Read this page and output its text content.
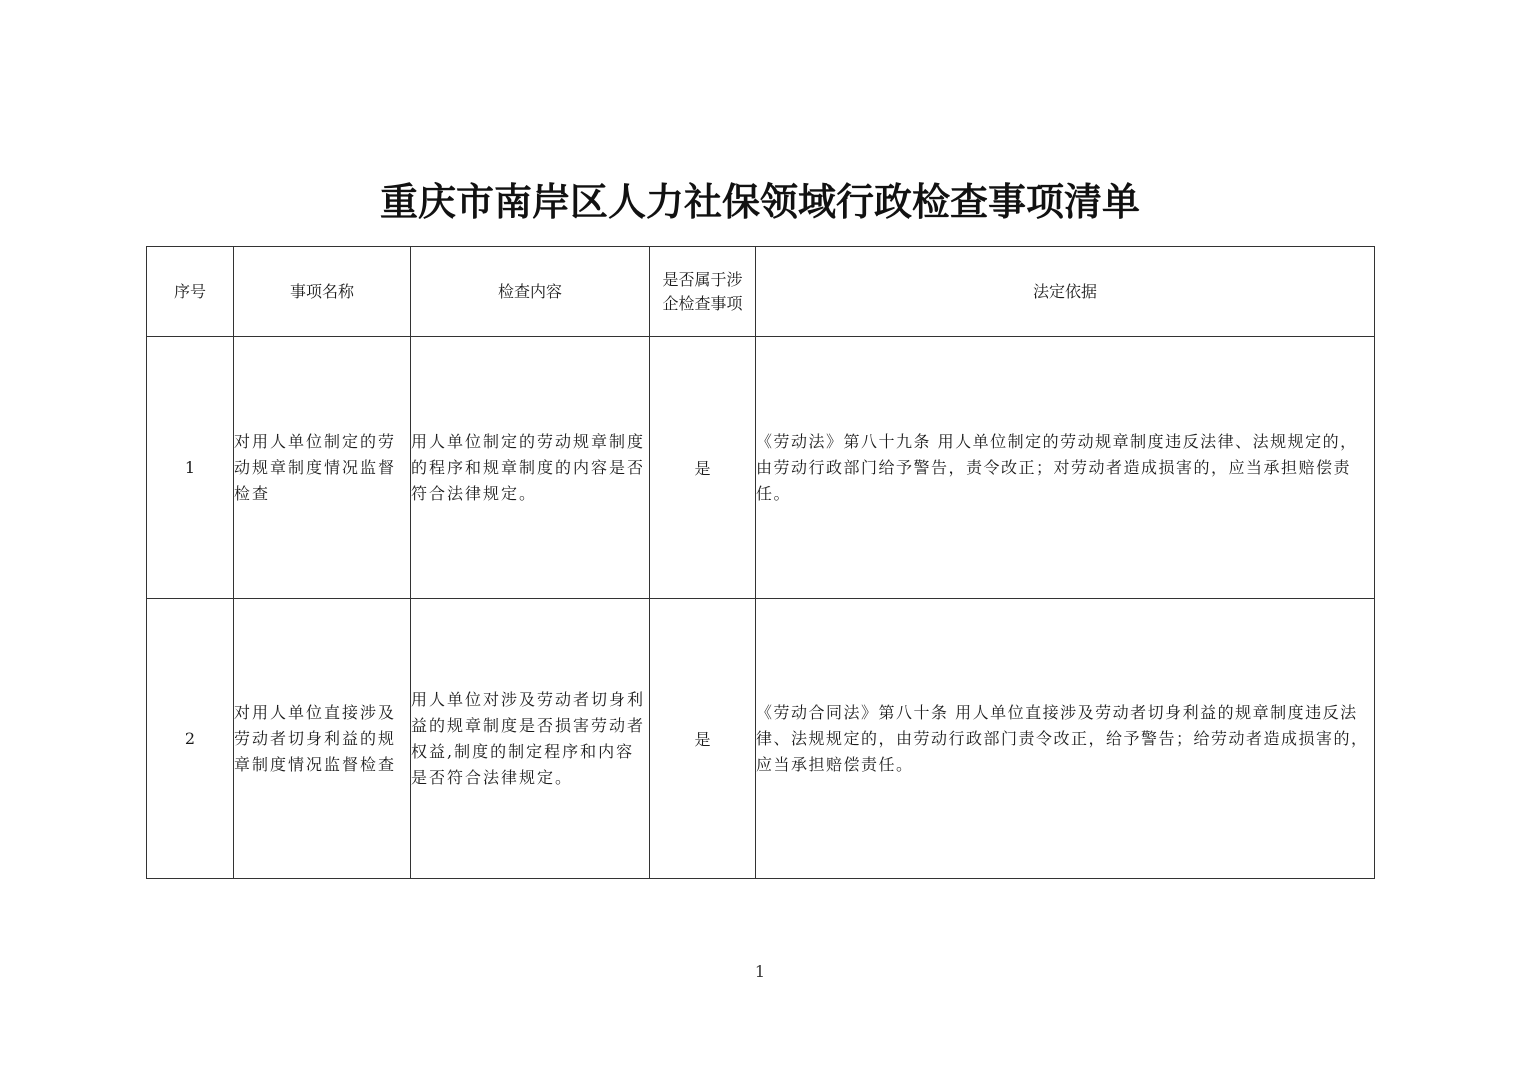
重庆市南岸区人力社保领域行政检查事项清单
序号	事项名称	检查内容	是否属于涉企检查事项	法定依据
1	对用人单位制定的劳动规章制度情况监督检查	用人单位制定的劳动规章制度的程序和规章制度的内容是否符合法律规定。	是	《劳动法》第八十九条 用人单位制定的劳动规章制度违反法律、法规规定的，由劳动行政部门给予警告，责令改正；对劳动者造成损害的，应当承担赔偿责任。
2	对用人单位直接涉及劳动者切身利益的规章制度情况监督检查	用人单位对涉及劳动者切身利益的规章制度是否损害劳动者权益,制度的制定程序和内容是否符合法律规定。	是	《劳动合同法》第八十条 用人单位直接涉及劳动者切身利益的规章制度违反法律、法规规定的，由劳动行政部门责令改正，给予警告；给劳动者造成损害的，应当承担赔偿责任。
1
